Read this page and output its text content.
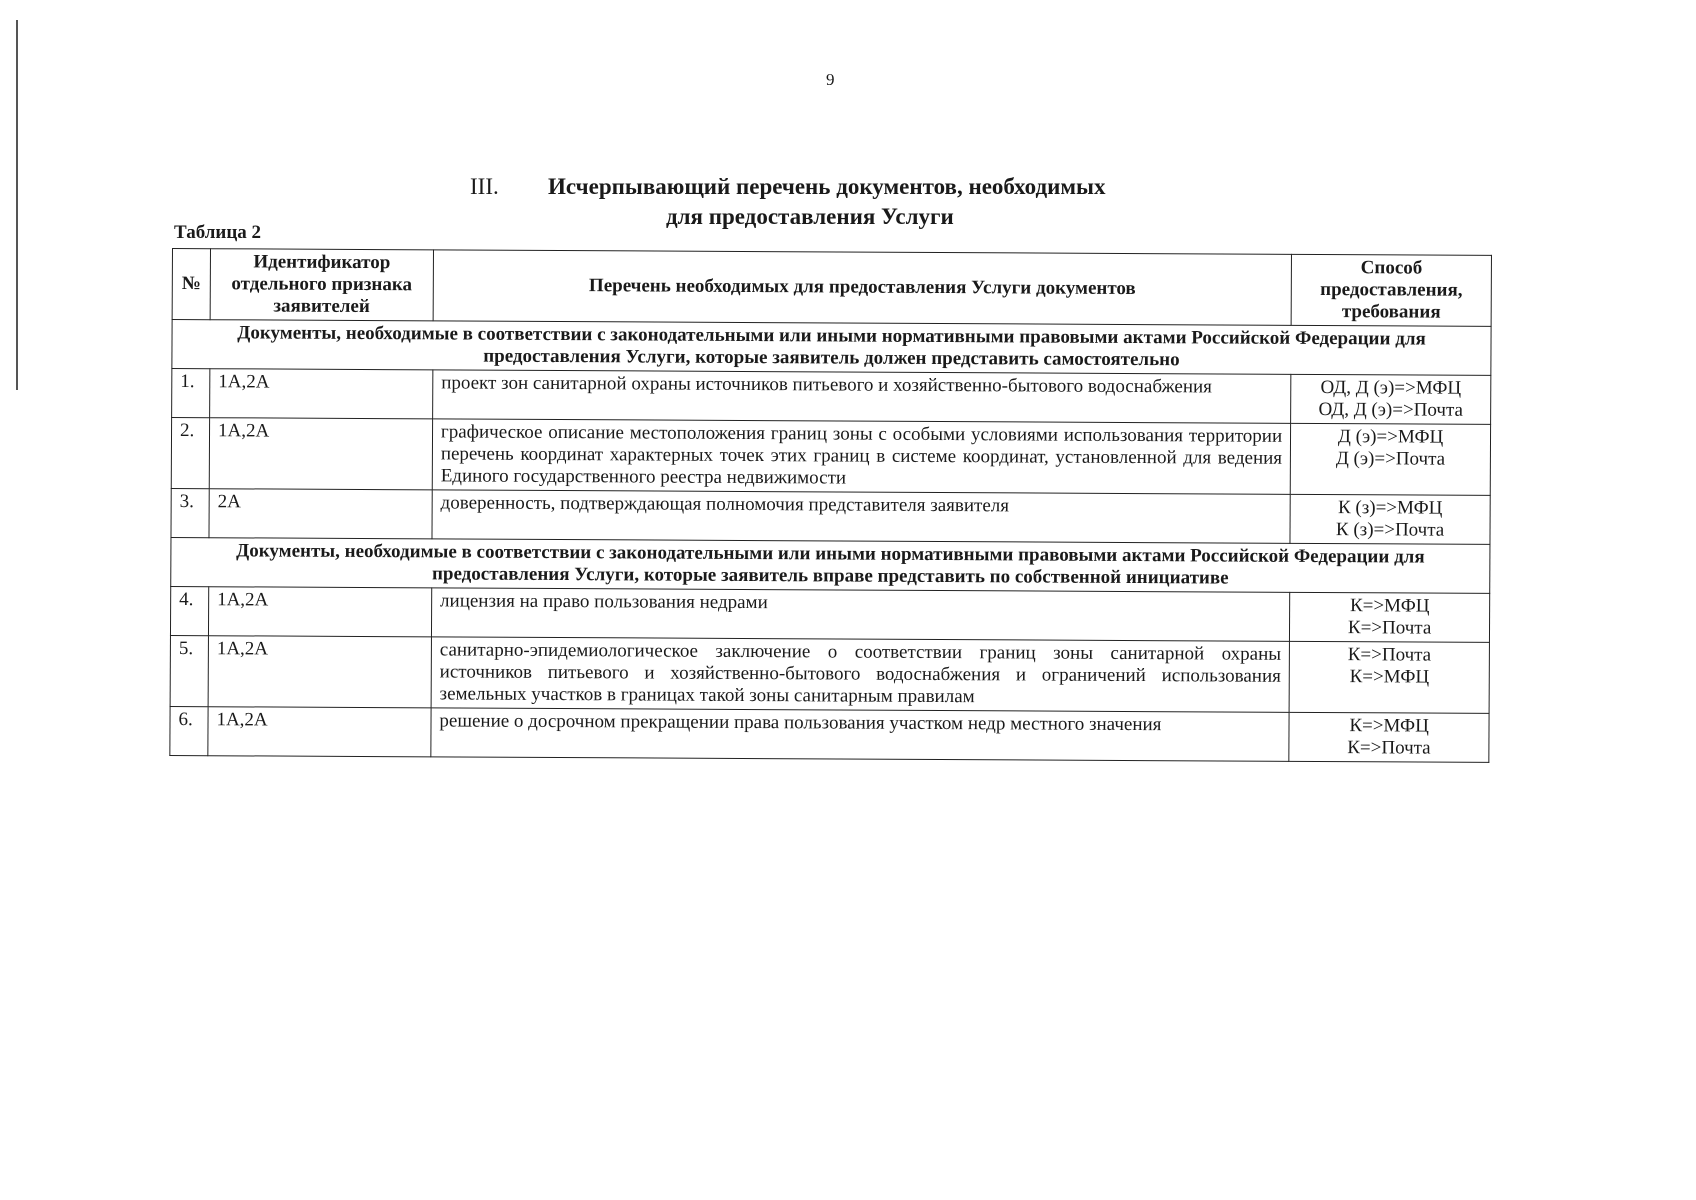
9
III. Исчерпывающий перечень документов, необходимых
для предоставления Услуги
Таблица 2
№	Идентификатор отдельного признака заявителей	Перечень необходимых для предоставления Услуги документов	Способ предоставления, требования
Документы, необходимые в соответствии с законодательными или иными нормативными правовыми актами Российской Федерации для предоставления Услуги, которые заявитель должен представить самостоятельно			
1.	1А,2А	проект зон санитарной охраны источников питьевого и хозяйственно-бытового водоснабжения	ОД, Д (э)=>МФЦ
ОД, Д (э)=>Почта

2.	1А,2А	графическое описание местоположения границ зоны с особыми условиями использования территории перечень координат характерных точек этих границ в системе координат, установленной для ведения Единого государственного реестра недвижимости	Д (э)=>МФЦ
Д (э)=>Почта

3.	2А	доверенность, подтверждающая полномочия представителя заявителя	К (з)=>МФЦ
К (з)=>Почта

Документы, необходимые в соответствии с законодательными или иными нормативными правовыми актами Российской Федерации для предоставления Услуги, которые заявитель вправе представить по собственной инициативе			
4.	1А,2А	лицензия на право пользования недрами	К=>МФЦ
К=>Почта

5.	1А,2А	санитарно-эпидемиологическое заключение о соответствии границ зоны санитарной охраны источников питьевого и хозяйственно-бытового водоснабжения и ограничений использования земельных участков в границах такой зоны санитарным правилам	К=>Почта
К=>МФЦ

6.	1А,2А	решение о досрочном прекращении права пользования участком недр местного значения	К=>МФЦ
К=>Почта
